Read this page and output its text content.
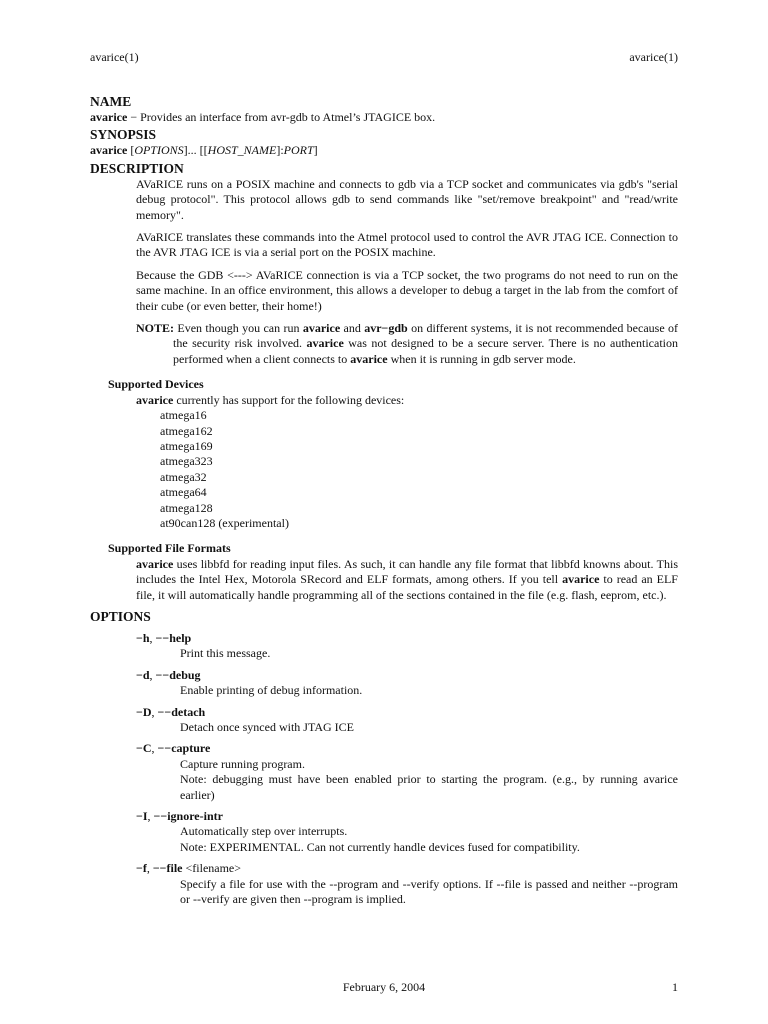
avarice(1)	avarice(1)
NAME
avarice − Provides an interface from avr-gdb to Atmel’s JTAGICE box.
SYNOPSIS
avarice [OPTIONS]... [[HOST_NAME]:PORT]
DESCRIPTION

AVaRICE runs on a POSIX machine and connects to gdb via a TCP socket and communicates via gdb's "serial debug protocol". This protocol allows gdb to send commands like "set/remove breakpoint" and "read/write memory".

AVaRICE translates these commands into the Atmel protocol used to control the AVR JTAG ICE. Connection to the AVR JTAG ICE is via a serial port on the POSIX machine.

Because the GDB <---> AVaRICE connection is via a TCP socket, the two programs do not need to run on the same machine. In an office environment, this allows a developer to debug a target in the lab from the comfort of their cube (or even better, their home!)

NOTE: Even though you can run avarice and avr−gdb on different systems, it is not recommended because of the security risk involved. avarice was not designed to be a secure server. There is no authentication performed when a client connects to avarice when it is running in gdb server mode.

Supported Devices
avarice currently has support for the following devices:
atmega16
atmega162
atmega169
atmega323
atmega32
atmega64
atmega128
at90can128 (experimental)
Supported File Formats

avarice uses libbfd for reading input files. As such, it can handle any file format that libbfd knowns about. This includes the Intel Hex, Motorola SRecord and ELF formats, among others. If you tell avarice to read an ELF file, it will automatically handle programming all of the sections contained in the file (e.g. flash, eeprom, etc.).

OPTIONS
−h, −−help
Print this message.
−d, −−debug
Enable printing of debug information.
−D, −−detach
Detach once synced with JTAG ICE
−C, −−capture
Capture running program.
Note: debugging must have been enabled prior to starting the program. (e.g., by running avarice earlier)
−I, −−ignore-intr
Automatically step over interrupts.
Note: EXPERIMENTAL. Can not currently handle devices fused for compatibility.
−f, −−file <filename>
Specify a file for use with the --program and --verify options. If --file is passed and neither --program or --verify are given then --program is implied.
February 6, 2004	1
